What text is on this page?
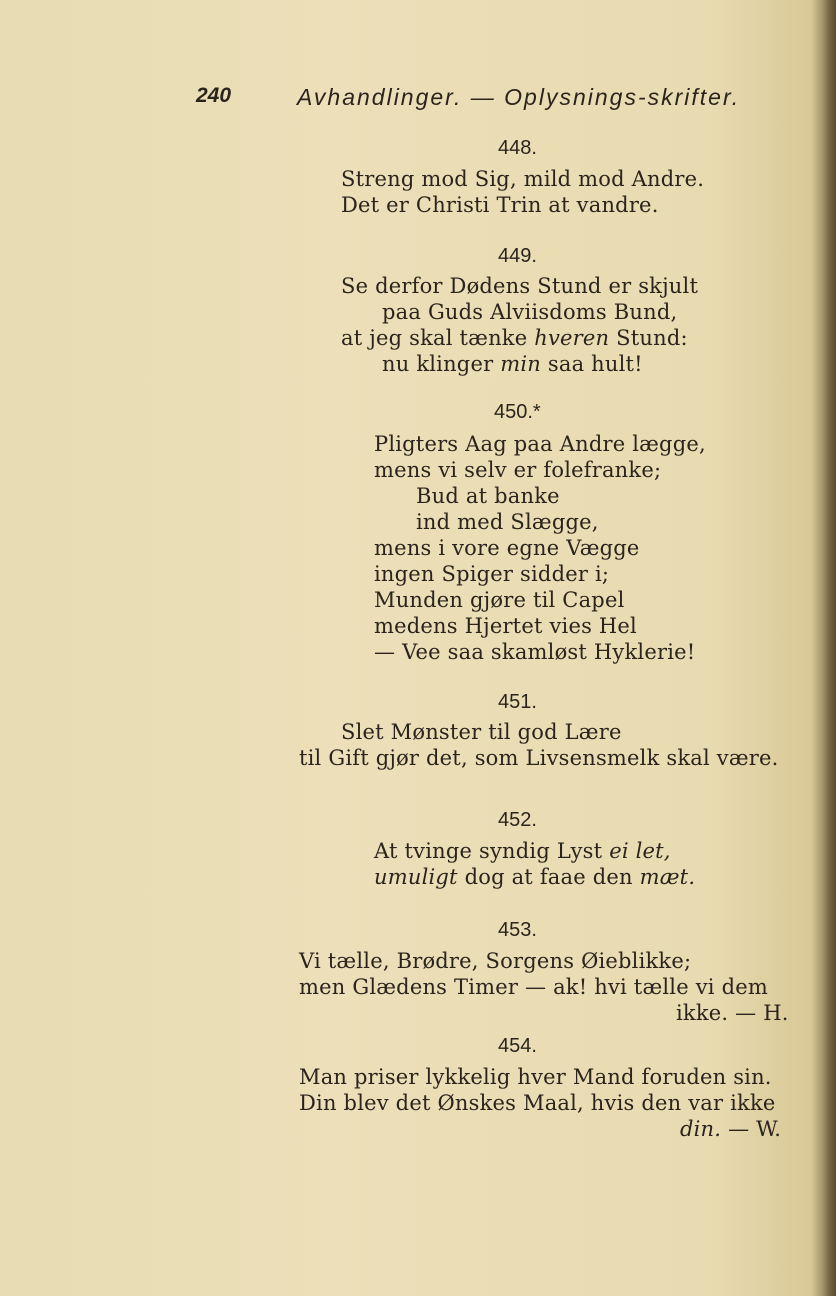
240	Avhandlinger. — Oplysnings-skrifter.
448.
Streng mod Sig, mild mod Andre.
Det er Christi Trin at vandre.
449.
Se derfor Dødens Stund er skjult
paa Guds Alviisdoms Bund,
at jeg skal tænke hveren Stund:
nu klinger min saa hult!
450.*
Pligters Aag paa Andre lægge,
mens vi selv er folefranke;
Bud at banke
ind med Slægge,
mens i vore egne Vægge
ingen Spiger sidder i;
Munden gjøre til Capel
medens Hjertet vies Hel
— Vee saa skamløst Hyklerie!
451.
Slet Mønster til god Lære
til Gift gjør det, som Livsensmelk skal være.
452.
At tvinge syndig Lyst ei let,
umuligt dog at faae den mæt.
453.
Vi tælle, Brødre, Sorgens Øieblikke;
men Glædens Timer — ak! hvi tælle vi dem
ikke. — H.
454.
Man priser lykkelig hver Mand foruden sin.
Din blev det Ønskes Maal, hvis den var ikke
din. — W.
